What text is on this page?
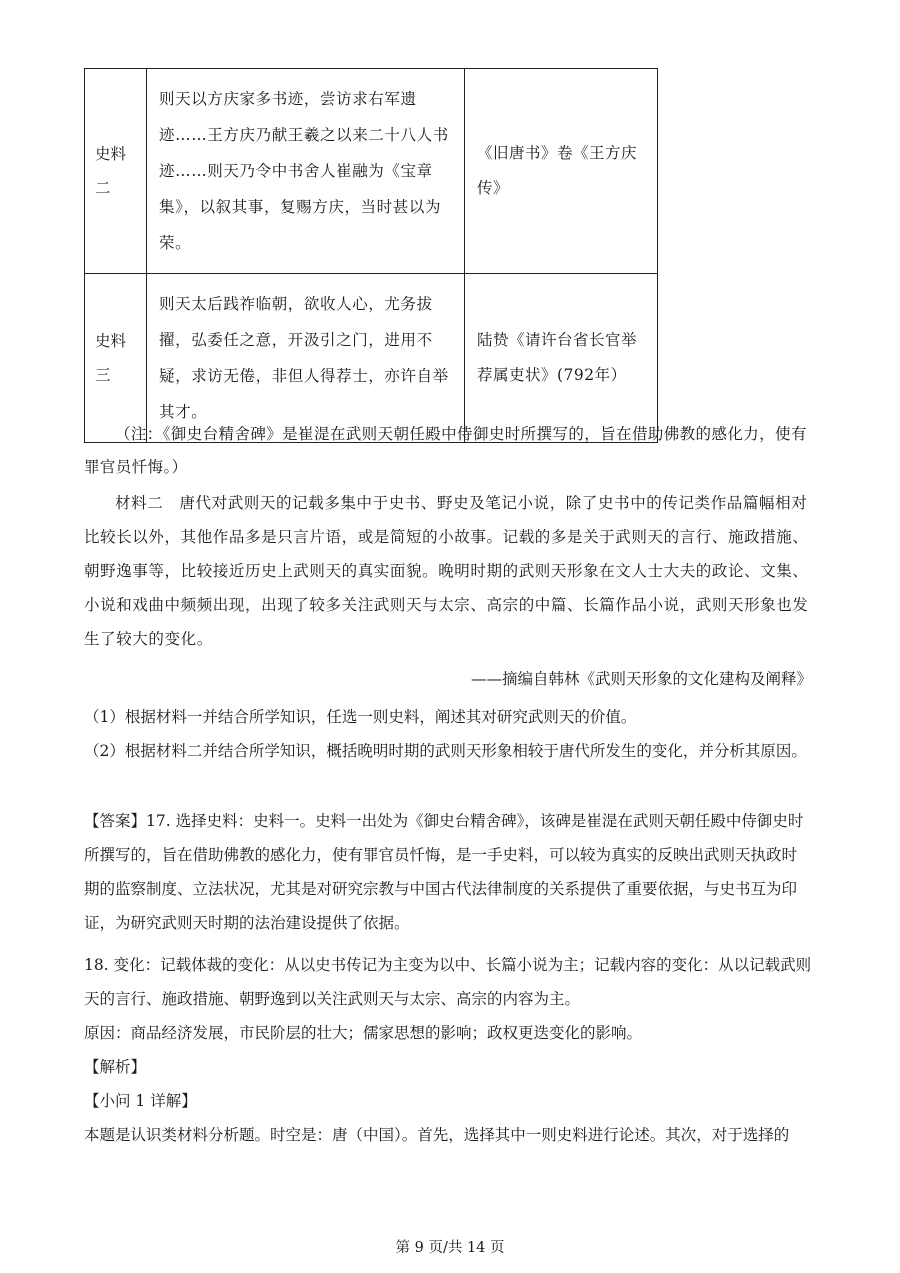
史料二	则天以方庆家多书迹，尝访求右军遗迹……王方庆乃献王羲之以来二十八人书迹……则天乃令中书舍人崔融为《宝章集》，以叙其事，复赐方庆，当时甚以为荣。	《旧唐书》卷《王方庆传》
史料三	则天太后践祚临朝，欲收人心，尤务拔擢，弘委任之意，开汲引之门，进用不疑，求访无倦，非但人得荐士，亦许自举其才。	陆贽《请许台省长官举荐属吏状》(792年）

（注：《御史台精舍碑》是崔湜在武则天朝任殿中侍御史时所撰写的，旨在借助佛教的感化力，使有罪官员忏悔。）

材料二　唐代对武则天的记载多集中于史书、野史及笔记小说，除了史书中的传记类作品篇幅相对比较长以外，其他作品多是只言片语，或是简短的小故事。记载的多是关于武则天的言行、施政措施、朝野逸事等，比较接近历史上武则天的真实面貌。晚明时期的武则天形象在文人士大夫的政论、文集、小说和戏曲中频频出现，出现了较多关注武则天与太宗、高宗的中篇、长篇作品小说，武则天形象也发生了较大的变化。

——摘编自韩林《武则天形象的文化建构及阐释》

（1）根据材料一并结合所学知识，任选一则史料，阐述其对研究武则天的价值。

（2）根据材料二并结合所学知识，概括晚明时期的武则天形象相较于唐代所发生的变化，并分析其原因。

【答案】17. 选择史料：史料一。史料一出处为《御史台精舍碑》，该碑是崔湜在武则天朝任殿中侍御史时所撰写的，旨在借助佛教的感化力，使有罪官员忏悔，是一手史料，可以较为真实的反映出武则天执政时期的监察制度、立法状况，尤其是对研究宗教与中国古代法律制度的关系提供了重要依据，与史书互为印证，为研究武则天时期的法治建设提供了依据。

18. 变化：记载体裁的变化：从以史书传记为主变为以中、长篇小说为主；记载内容的变化：从以记载武则天的言行、施政措施、朝野逸到以关注武则天与太宗、高宗的内容为主。

原因：商品经济发展，市民阶层的壮大；儒家思想的影响；政权更迭变化的影响。

【解析】

【小问 1 详解】

本题是认识类材料分析题。时空是：唐（中国）。首先，选择其中一则史料进行论述。其次，对于选择的

第 9 页/共 14 页
